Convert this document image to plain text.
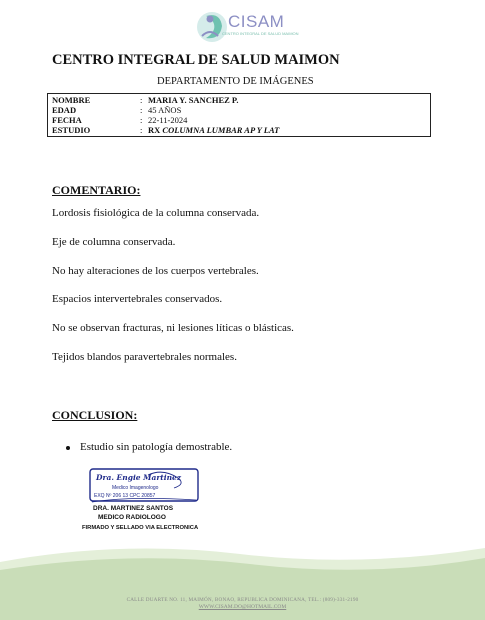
CISAM
CENTRO INTEGRAL DE SALUD MAIMON
CENTRO INTEGRAL DE SALUD MAIMON
DEPARTAMENTO DE IMÁGENES
NOMBRE	: MARIA Y. SANCHEZ P.
EDAD	: 45 AÑOS
FECHA	: 22-11-2024
ESTUDIO	: RX COLUMNA LUMBAR AP Y LAT
COMENTARIO:
Lordosis fisiológica de la columna conservada.
Eje de columna conservada.
No hay alteraciones de los cuerpos vertebrales.
Espacios intervertebrales conservados.
No se observan fracturas, ni lesiones líticas o blásticas.
Tejidos blandos paravertebrales normales.
CONCLUSION:
Estudio sin patología demostrable.
Dra. Engie Martinez
Medico Imagenologo
EXQ Nº 206 13 CPC 20857
DRA. MARTINEZ SANTOS
MEDICO RADIOLOGO
FIRMADO Y SELLADO VIA ELECTRONICA
CALLE DUARTE NO. 11, MAIMÓN, BONAO, REPUBLICA DOMINICANA, TEL.: (809)-331-2190
WWW.CISAM.DO@HOTMAIL.COM
